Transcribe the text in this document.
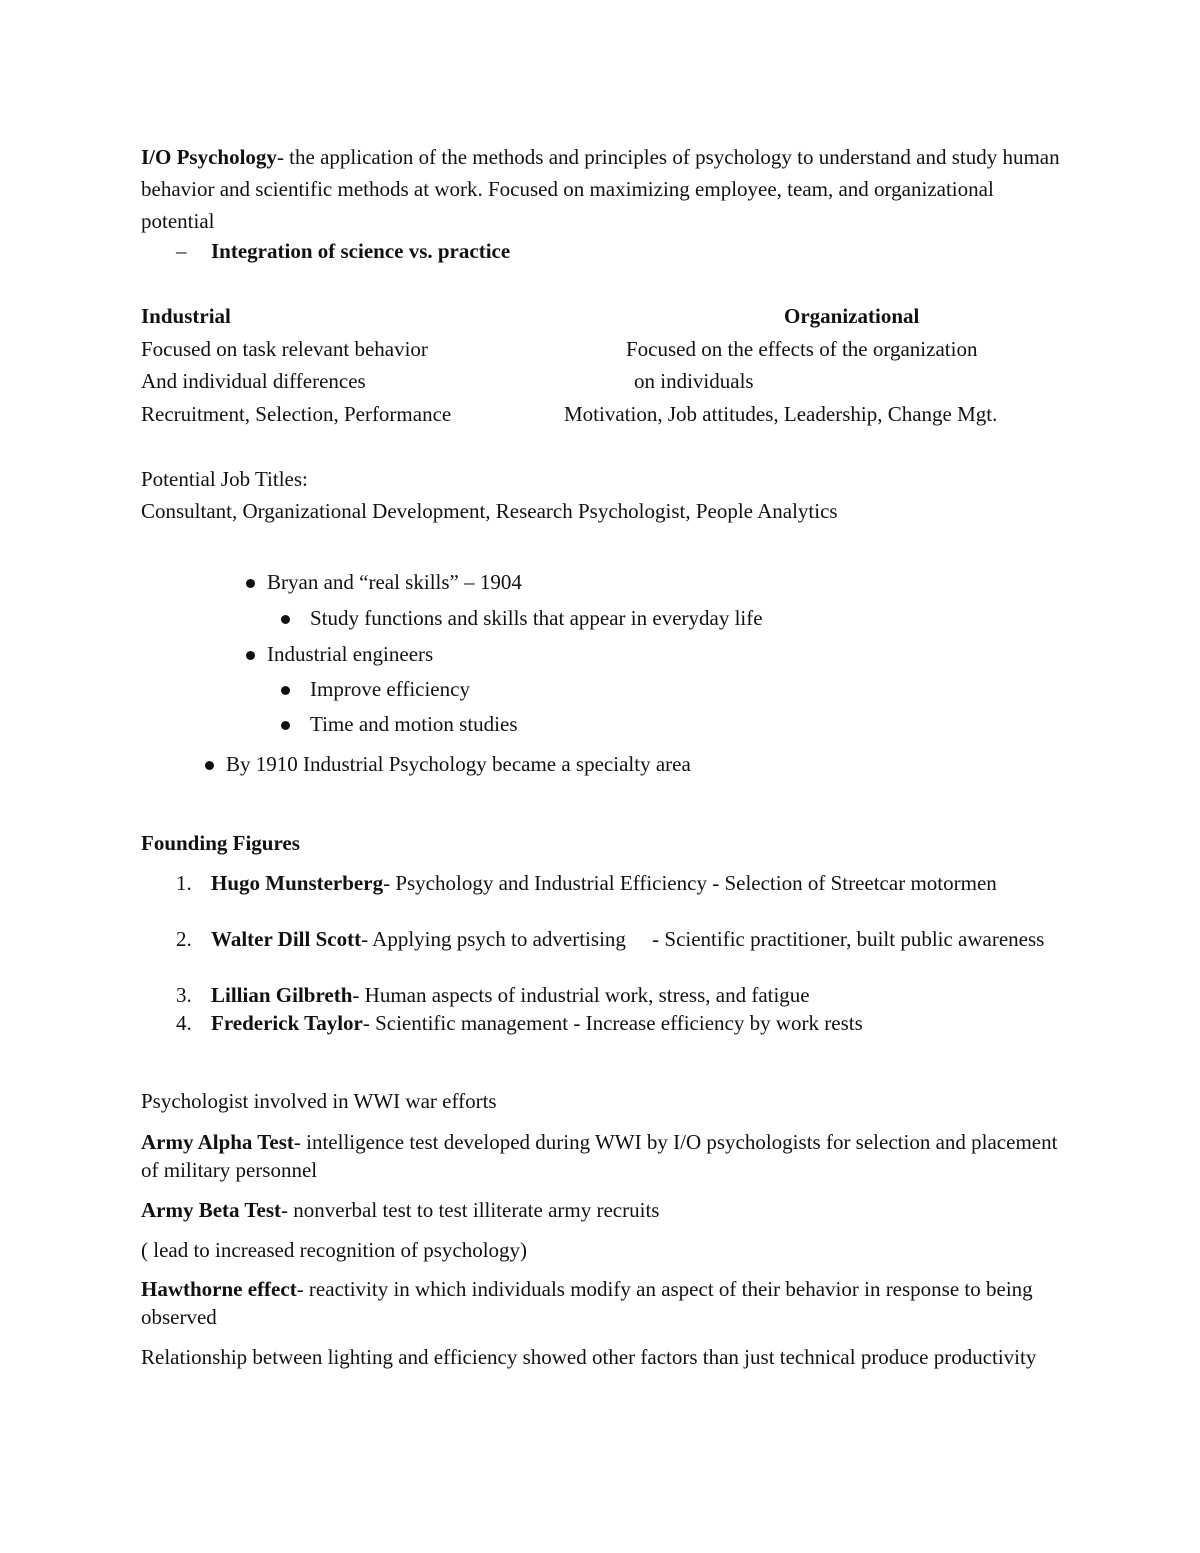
I/O Psychology- the application of the methods and principles of psychology to understand and study human behavior and scientific methods at work. Focused on maximizing employee, team, and organizational potential
– Integration of science vs. practice
Industrial	Organizational
Focused on task relevant behavior	Focused on the effects of the organization
And individual differences	on individuals
Recruitment, Selection, Performance	Motivation, Job attitudes, Leadership, Change Mgt.
Potential Job Titles:
Consultant, Organizational Development, Research Psychologist, People Analytics
Bryan and “real skills” – 1904
Study functions and skills that appear in everyday life
Industrial engineers
Improve efficiency
Time and motion studies
By 1910 Industrial Psychology became a specialty area
Founding Figures
1. Hugo Munsterberg- Psychology and Industrial Efficiency - Selection of Streetcar motormen
2. Walter Dill Scott- Applying psych to advertising     - Scientific practitioner, built public awareness
3. Lillian Gilbreth- Human aspects of industrial work, stress, and fatigue
4. Frederick Taylor- Scientific management - Increase efficiency by work rests
Psychologist involved in WWI war efforts
Army Alpha Test- intelligence test developed during WWI by I/O psychologists for selection and placement of military personnel
Army Beta Test- nonverbal test to test illiterate army recruits
( lead to increased recognition of psychology)
Hawthorne effect- reactivity in which individuals modify an aspect of their behavior in response to being observed
Relationship between lighting and efficiency showed other factors than just technical produce productivity
